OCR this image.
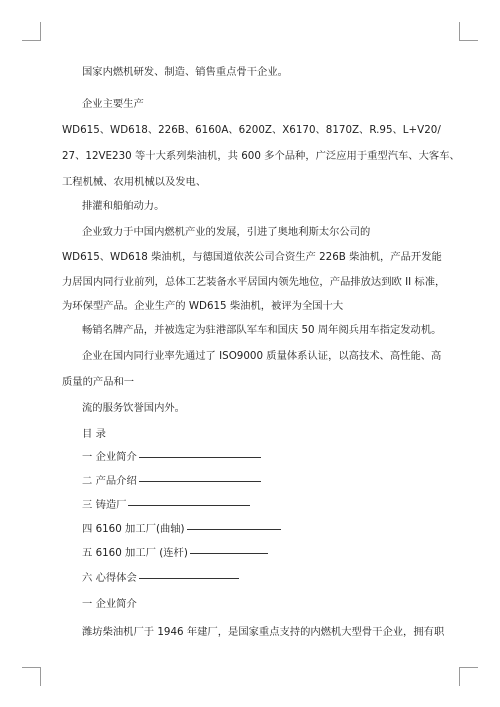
国家内燃机研发、制造、销售重点骨干企业。
企业主要生产
WD615、WD618、226B、6160A、6200Z、X6170、8170Z、R.95、L+V20/
27、12VE230 等十大系列柴油机，共 600 多个品种，广泛应用于重型汽车、大客车、
工程机械、农用机械以及发电、
排灌和船舶动力。
企业致力于中国内燃机产业的发展，引进了奥地利斯太尔公司的
WD615、WD618 柴油机，与德国道依茨公司合资生产 226B 柴油机，产品开发能
力居国内同行业前列，总体工艺装备水平居国内领先地位，产品排放达到欧 II 标准，
为环保型产品。企业生产的 WD615 柴油机，被评为全国十大
畅销名牌产品，并被选定为驻港部队军车和国庆 50 周年阅兵用车指定发动机。
企业在国内同行业率先通过了 ISO9000 质量体系认证，以高技术、高性能、高
质量的产品和一
流的服务饮誉国内外。
目 录
一 企业简介
二 产品介绍
三 铸造厂
四 6160 加工厂(曲轴)
五 6160 加工厂 (连杆)
六 心得体会
一 企业简介
潍坊柴油机厂于 1946 年建厂，是国家重点支持的内燃机大型骨干企业，拥有职
